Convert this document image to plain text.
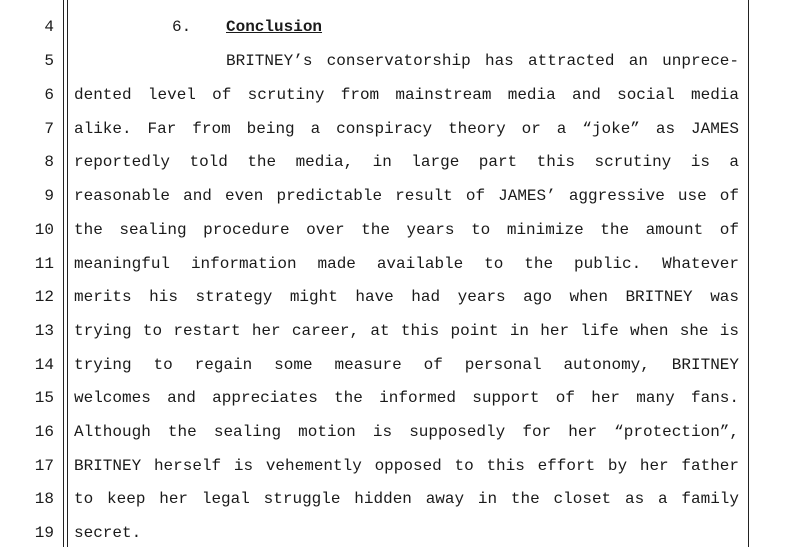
4
5
6
7
8
9
10
11
12
13
14
15
16
17
18
19
6. Conclusion
BRITNEY’s conservatorship has attracted an unprece-
dented level of scrutiny from mainstream media and social media
alike. Far from being a conspiracy theory or a “joke” as JAMES
reportedly told the media, in large part this scrutiny is a
reasonable and even predictable result of JAMES’ aggressive use of
the sealing procedure over the years to minimize the amount of
meaningful information made available to the public. Whatever
merits his strategy might have had years ago when BRITNEY was
trying to restart her career, at this point in her life when she is
trying to regain some measure of personal autonomy, BRITNEY
welcomes and appreciates the informed support of her many fans.
Although the sealing motion is supposedly for her “protection”,
BRITNEY herself is vehemently opposed to this effort by her father
to keep her legal struggle hidden away in the closet as a family
secret.
